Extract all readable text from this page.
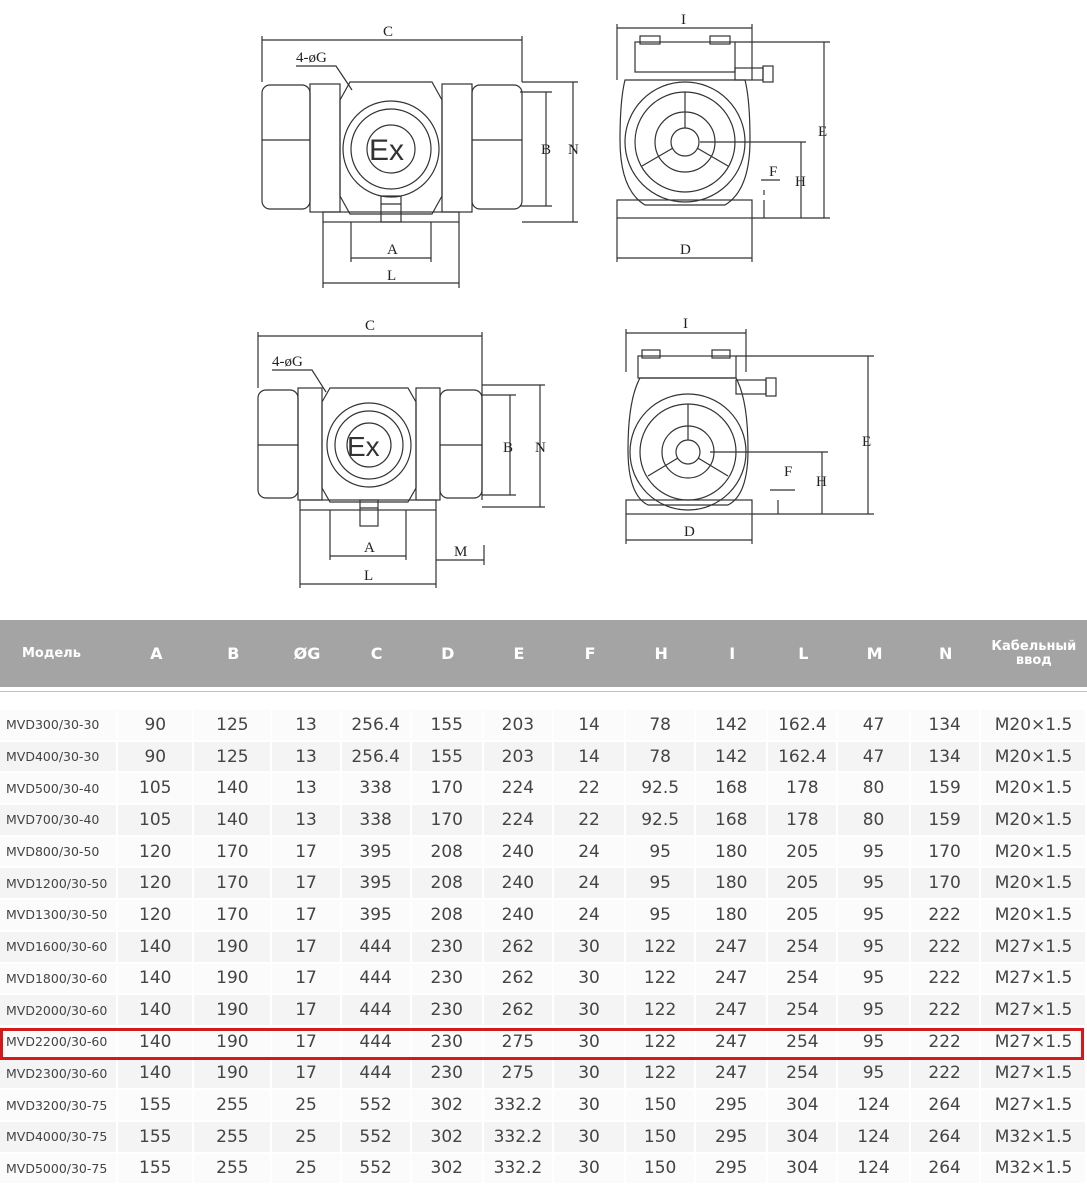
C
4-øG
B N
A
L
Ex
I
E
H
F
D
C
4-øG
B N
A
L
M
Ex
I
E
H
F
D
Модель	A	B	ØG	C	D	E	F	H	I	L	M	N	Кабельный ввод

MVD300/30-30	90	125	13	256.4	155	203	14	78	142	162.4	47	134	M20×1.5
MVD400/30-30	90	125	13	256.4	155	203	14	78	142	162.4	47	134	M20×1.5
MVD500/30-40	105	140	13	338	170	224	22	92.5	168	178	80	159	M20×1.5
MVD700/30-40	105	140	13	338	170	224	22	92.5	168	178	80	159	M20×1.5
MVD800/30-50	120	170	17	395	208	240	24	95	180	205	95	170	M20×1.5
MVD1200/30-50	120	170	17	395	208	240	24	95	180	205	95	170	M20×1.5
MVD1300/30-50	120	170	17	395	208	240	24	95	180	205	95	222	M20×1.5
MVD1600/30-60	140	190	17	444	230	262	30	122	247	254	95	222	M27×1.5
MVD1800/30-60	140	190	17	444	230	262	30	122	247	254	95	222	M27×1.5
MVD2000/30-60	140	190	17	444	230	262	30	122	247	254	95	222	M27×1.5
MVD2200/30-60	140	190	17	444	230	275	30	122	247	254	95	222	M27×1.5
MVD2300/30-60	140	190	17	444	230	275	30	122	247	254	95	222	M27×1.5
MVD3200/30-75	155	255	25	552	302	332.2	30	150	295	304	124	264	M27×1.5
MVD4000/30-75	155	255	25	552	302	332.2	30	150	295	304	124	264	M32×1.5
MVD5000/30-75	155	255	25	552	302	332.2	30	150	295	304	124	264	M32×1.5
